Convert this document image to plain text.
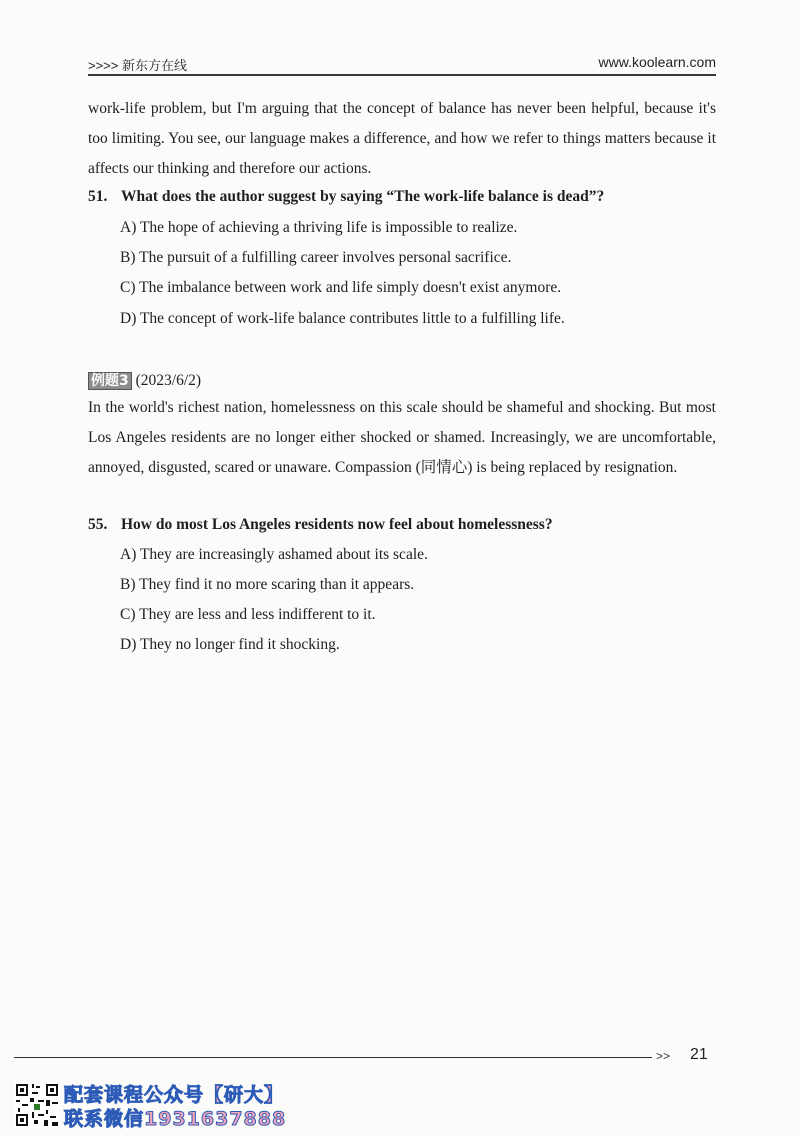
>>>> 新东方在线	www.koolearn.com
work-life problem, but I'm arguing that the concept of balance has never been helpful, because it's too limiting. You see, our language makes a difference, and how we refer to things matters because it affects our thinking and therefore our actions.
51. What does the author suggest by saying “The work-life balance is dead”?
A) The hope of achieving a thriving life is impossible to realize.
B) The pursuit of a fulfilling career involves personal sacrifice.
C) The imbalance between work and life simply doesn't exist anymore.
D) The concept of work-life balance contributes little to a fulfilling life.
例题3 (2023/6/2)
In the world's richest nation, homelessness on this scale should be shameful and shocking. But most Los Angeles residents are no longer either shocked or shamed. Increasingly, we are uncomfortable, annoyed, disgusted, scared or unaware. Compassion (同情心) is being replaced by resignation.
55. How do most Los Angeles residents now feel about homelessness?
A) They are increasingly ashamed about its scale.
B) They find it no more scaring than it appears.
C) They are less and less indifferent to it.
D) They no longer find it shocking.
>> 21
配套课程公众号【研大】
联系微信1931637888
